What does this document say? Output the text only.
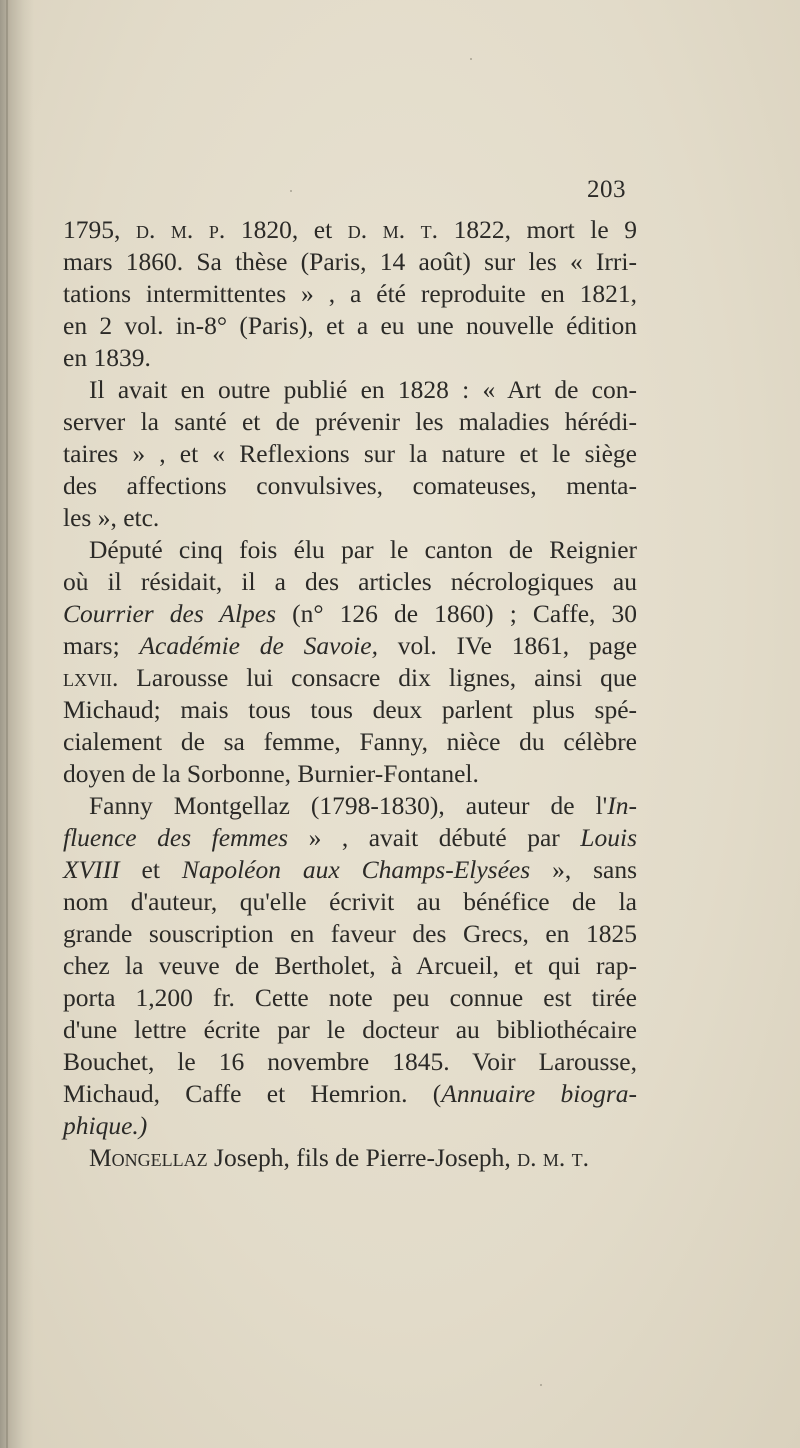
203
1795, d. m. p. 1820, et d. m. t. 1822, mort le 9
mars 1860. Sa thèse (Paris, 14 août) sur les « Irri-
tations intermittentes » , a été reproduite en 1821,
en 2 vol. in-8° (Paris), et a eu une nouvelle édition
en 1839.
Il avait en outre publié en 1828 : « Art de con-
server la santé et de prévenir les maladies hérédi-
taires » , et « Reflexions sur la nature et le siège
des affections convulsives, comateuses, menta-
les », etc.
Député cinq fois élu par le canton de Reignier
où il résidait, il a des articles nécrologiques au
Courrier des Alpes (n° 126 de 1860) ; Caffe, 30
mars; Académie de Savoie, vol. IVe 1861, page
lxvii. Larousse lui consacre dix lignes, ainsi que
Michaud; mais tous tous deux parlent plus spé-
cialement de sa femme, Fanny, nièce du célèbre
doyen de la Sorbonne, Burnier-Fontanel.
Fanny Montgellaz (1798-1830), auteur de l'In-
fluence des femmes » , avait débuté par Louis
XVIII et Napoléon aux Champs-Elysées », sans
nom d'auteur, qu'elle écrivit au bénéfice de la
grande souscription en faveur des Grecs, en 1825
chez la veuve de Bertholet, à Arcueil, et qui rap-
porta 1,200 fr. Cette note peu connue est tirée
d'une lettre écrite par le docteur au bibliothécaire
Bouchet, le 16 novembre 1845. Voir Larousse,
Michaud, Caffe et Hemrion. (Annuaire biogra-
phique.)
Mongellaz Joseph, fils de Pierre-Joseph, d. m. t.
